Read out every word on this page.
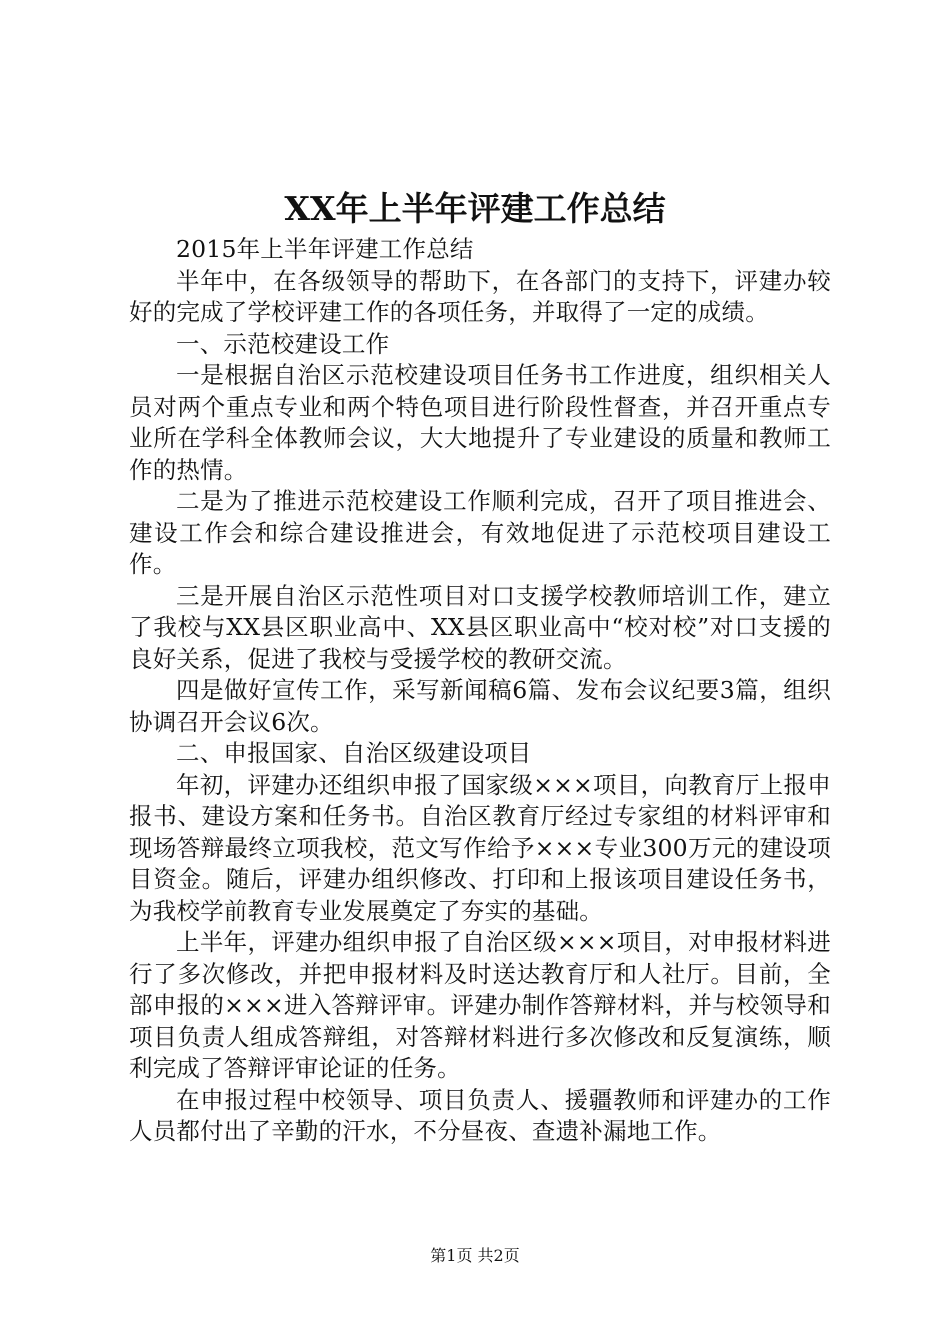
XX年上半年评建工作总结

2015年上半年评建工作总结

半年中，在各级领导的帮助下，在各部门的支持下，评建办较好的完成了学校评建工作的各项任务，并取得了一定的成绩。

一、示范校建设工作

一是根据自治区示范校建设项目任务书工作进度，组织相关人员对两个重点专业和两个特色项目进行阶段性督查，并召开重点专业所在学科全体教师会议，大大地提升了专业建设的质量和教师工作的热情。

二是为了推进示范校建设工作顺利完成，召开了项目推进会、建设工作会和综合建设推进会，有效地促进了示范校项目建设工作。

三是开展自治区示范性项目对口支援学校教师培训工作，建立了我校与XX县区职业高中、XX县区职业高中“校对校”对口支援的良好关系，促进了我校与受援学校的教研交流。

四是做好宣传工作，采写新闻稿6篇、发布会议纪要3篇，组织协调召开会议6次。

二、申报国家、自治区级建设项目

年初，评建办还组织申报了国家级×××项目，向教育厅上报申报书、建设方案和任务书。自治区教育厅经过专家组的材料评审和现场答辩最终立项我校，范文写作给予×××专业300万元的建设项目资金。随后，评建办组织修改、打印和上报该项目建设任务书，为我校学前教育专业发展奠定了夯实的基础。

上半年，评建办组织申报了自治区级×××项目，对申报材料进行了多次修改，并把申报材料及时送达教育厅和人社厅。目前，全部申报的×××进入答辩评审。评建办制作答辩材料，并与校领导和项目负责人组成答辩组，对答辩材料进行多次修改和反复演练，顺利完成了答辩评审论证的任务。

在申报过程中校领导、项目负责人、援疆教师和评建办的工作人员都付出了辛勤的汗水，不分昼夜、查遗补漏地工作。

第1页 共2页
